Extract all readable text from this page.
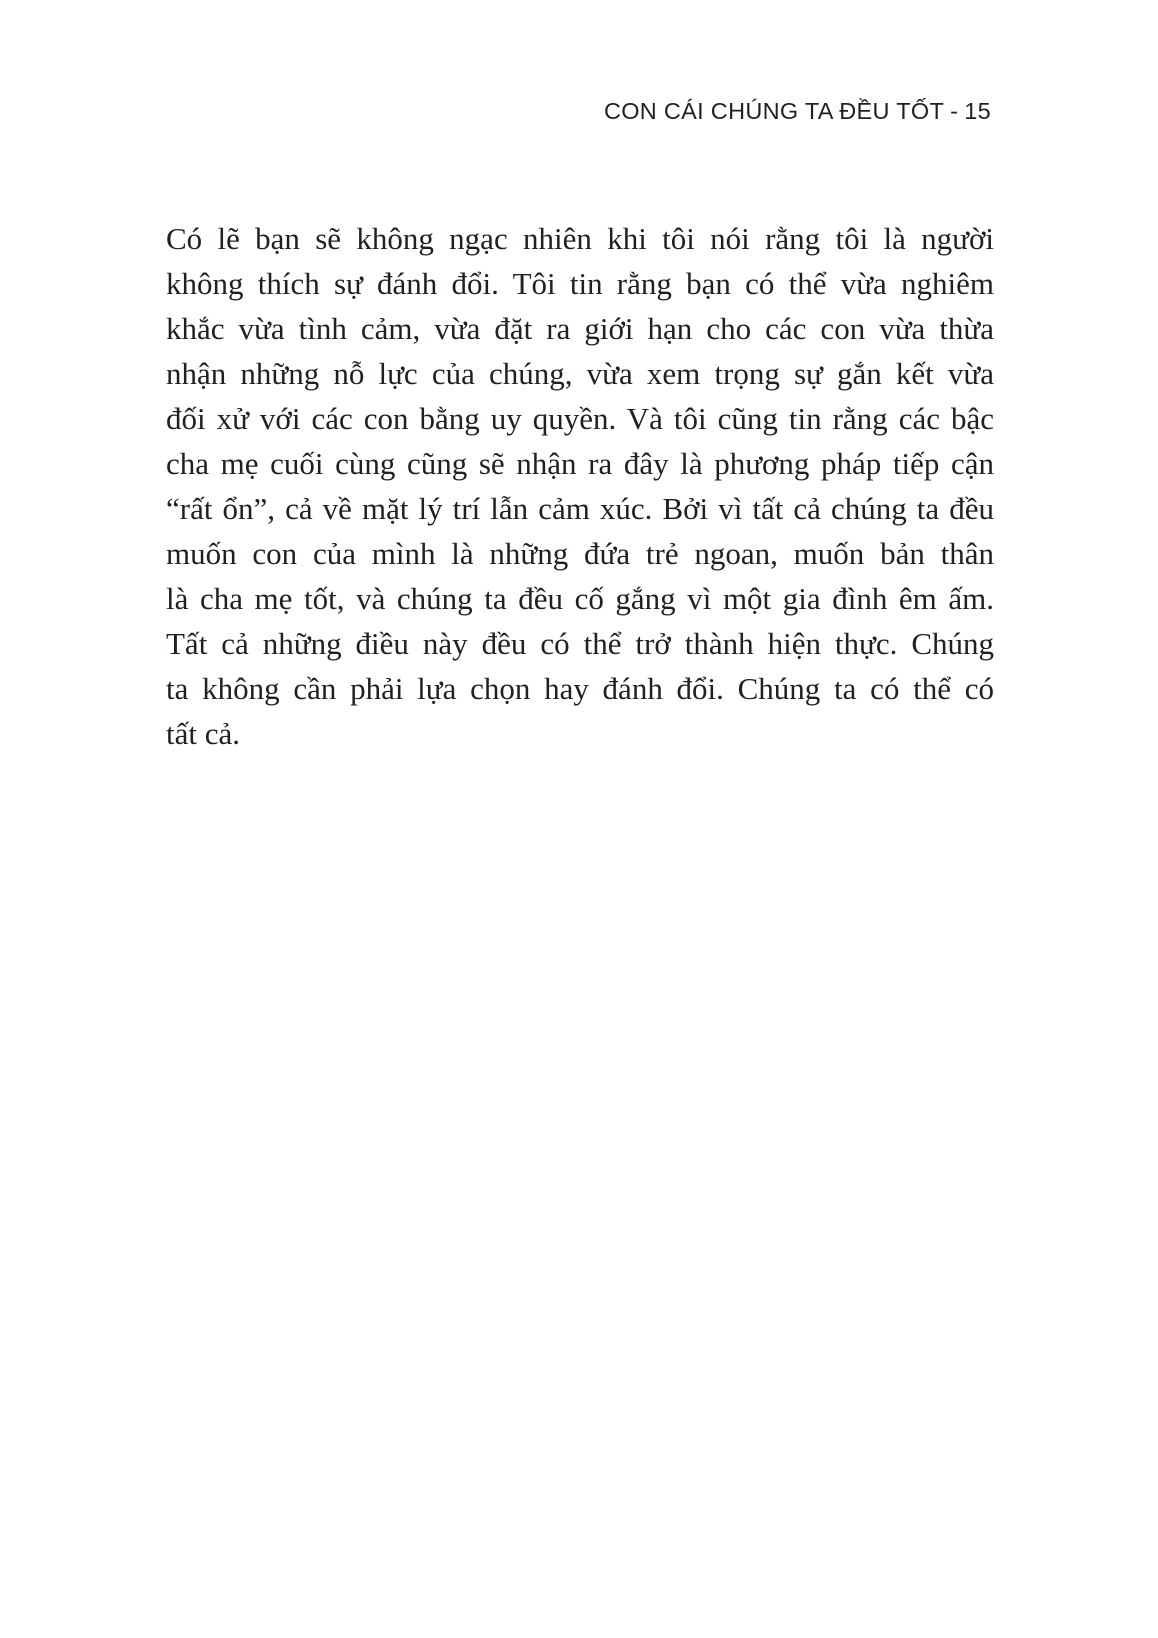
CON CÁI CHÚNG TA ĐỀU TỐT - 15

Có lẽ bạn sẽ không ngạc nhiên khi tôi nói rằng tôi là người
không thích sự đánh đổi. Tôi tin rằng bạn có thể vừa nghiêm
khắc vừa tình cảm, vừa đặt ra giới hạn cho các con vừa thừa
nhận những nỗ lực của chúng, vừa xem trọng sự gắn kết vừa
đối xử với các con bằng uy quyền. Và tôi cũng tin rằng các bậc
cha mẹ cuối cùng cũng sẽ nhận ra đây là phương pháp tiếp cận
“rất ổn”, cả về mặt lý trí lẫn cảm xúc. Bởi vì tất cả chúng ta đều
muốn con của mình là những đứa trẻ ngoan, muốn bản thân
là cha mẹ tốt, và chúng ta đều cố gắng vì một gia đình êm ấm.
Tất cả những điều này đều có thể trở thành hiện thực. Chúng
ta không cần phải lựa chọn hay đánh đổi. Chúng ta có thể có
tất cả.
